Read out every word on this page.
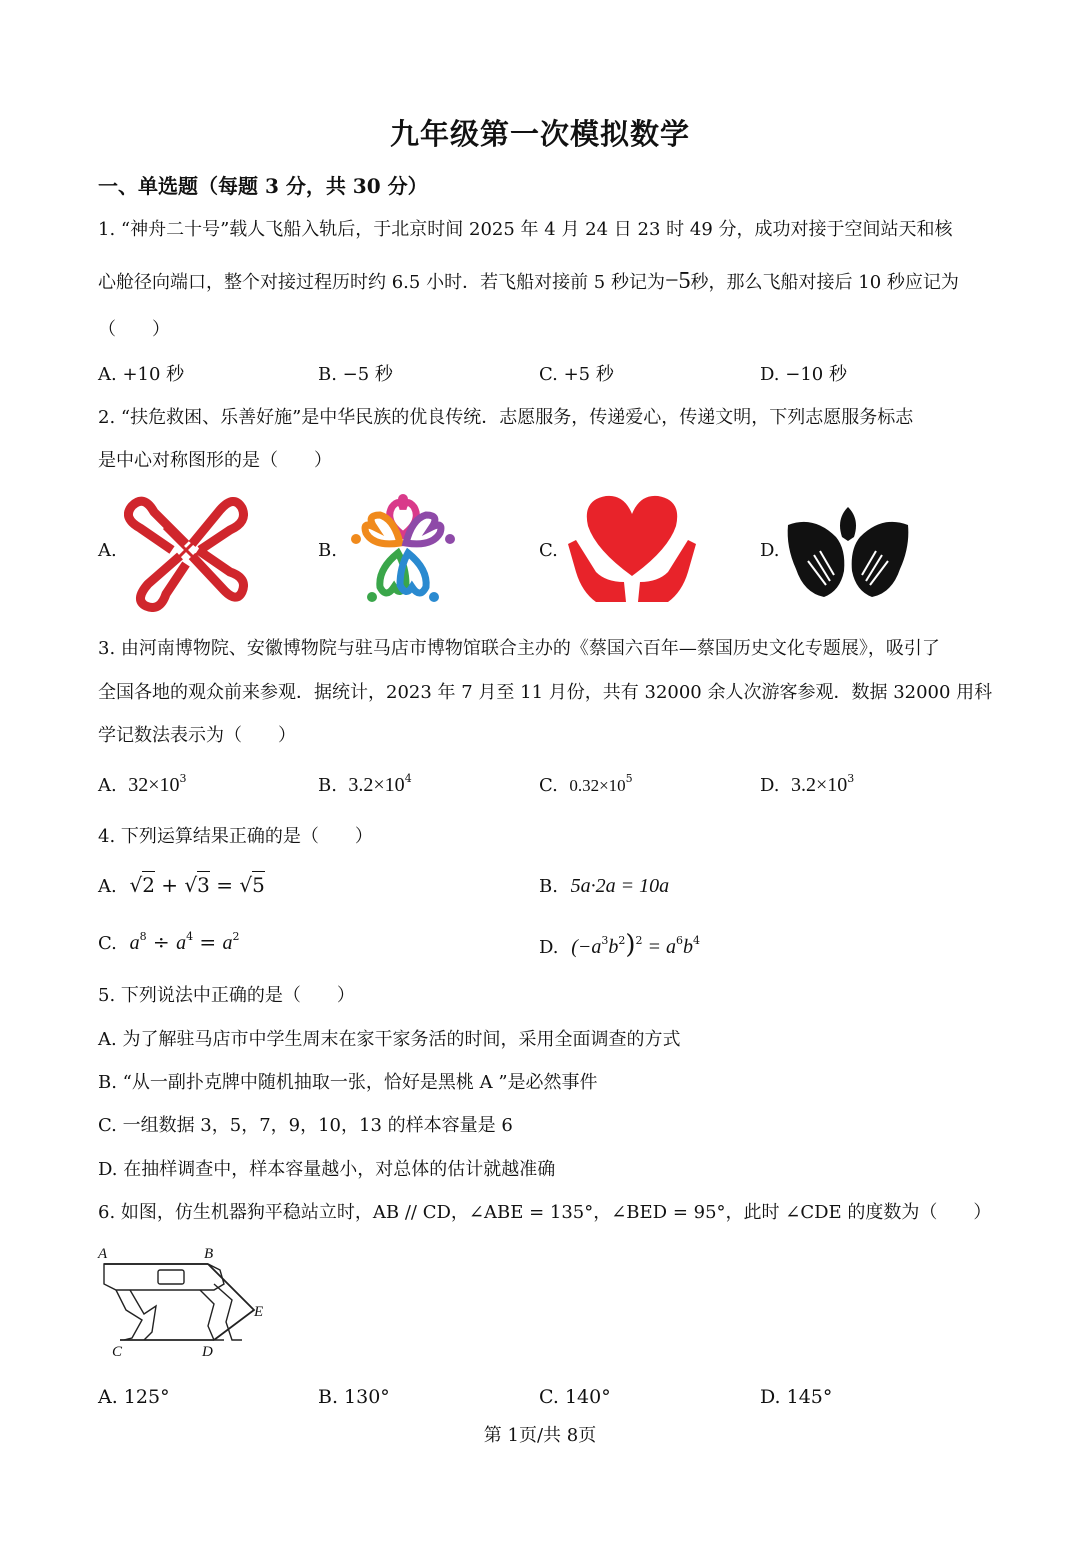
九年级第一次模拟数学
一、单选题（每题 3 分，共 30 分）
1. “神舟二十号”载人飞船入轨后，于北京时间 2025 年 4 月 24 日 23 时 49 分，成功对接于空间站天和核
心舱径向端口，整个对接过程历时约 6.5 小时．若飞船对接前 5 秒记为−5秒，那么飞船对接后 10 秒应记为
（　　）
A. +10 秒	B. −5 秒	C. +5 秒	D. −10 秒
2. “扶危救困、乐善好施”是中华民族的优良传统．志愿服务，传递爱心，传递文明，下列志愿服务标志
是中心对称图形的是（　　）
A.	B.	C.	D.
3. 由河南博物院、安徽博物院与驻马店市博物馆联合主办的《蔡国六百年—蔡国历史文化专题展》，吸引了
全国各地的观众前来参观．据统计，2023 年 7 月至 11 月份，共有 32000 余人次游客参观．数据 32000 用科
学记数法表示为（　　）
A. $32\times 10^3$	B. $3.2\times 10^4$	C. $0.32\times 10^5$	D. $3.2\times 10^3$
4. 下列运算结果正确的是（　　）
A.  √2 + √3 = √5	B. 5a·2a = 10a
C. $a^8 \div a^4 = a^2$
D. $(-a^3b^2)^2 = a^6b^4$
5. 下列说法中正确的是（　　）
A. 为了解驻马店市中学生周末在家干家务活的时间，采用全面调查的方式
B. “从一副扑克牌中随机抽取一张，恰好是黑桃 A ”是必然事件
C. 一组数据 3，5，7，9，10，13 的样本容量是 6
D. 在抽样调查中，样本容量越小，对总体的估计就越准确
6. 如图，仿生机器狗平稳站立时，AB // CD，∠ABE = 135°，∠BED = 95°，此时 ∠CDE 的度数为（　　）
A	B
E
C	D
A. 125°	B. 130°	C. 140°	D. 145°
第 1页/共 8页
